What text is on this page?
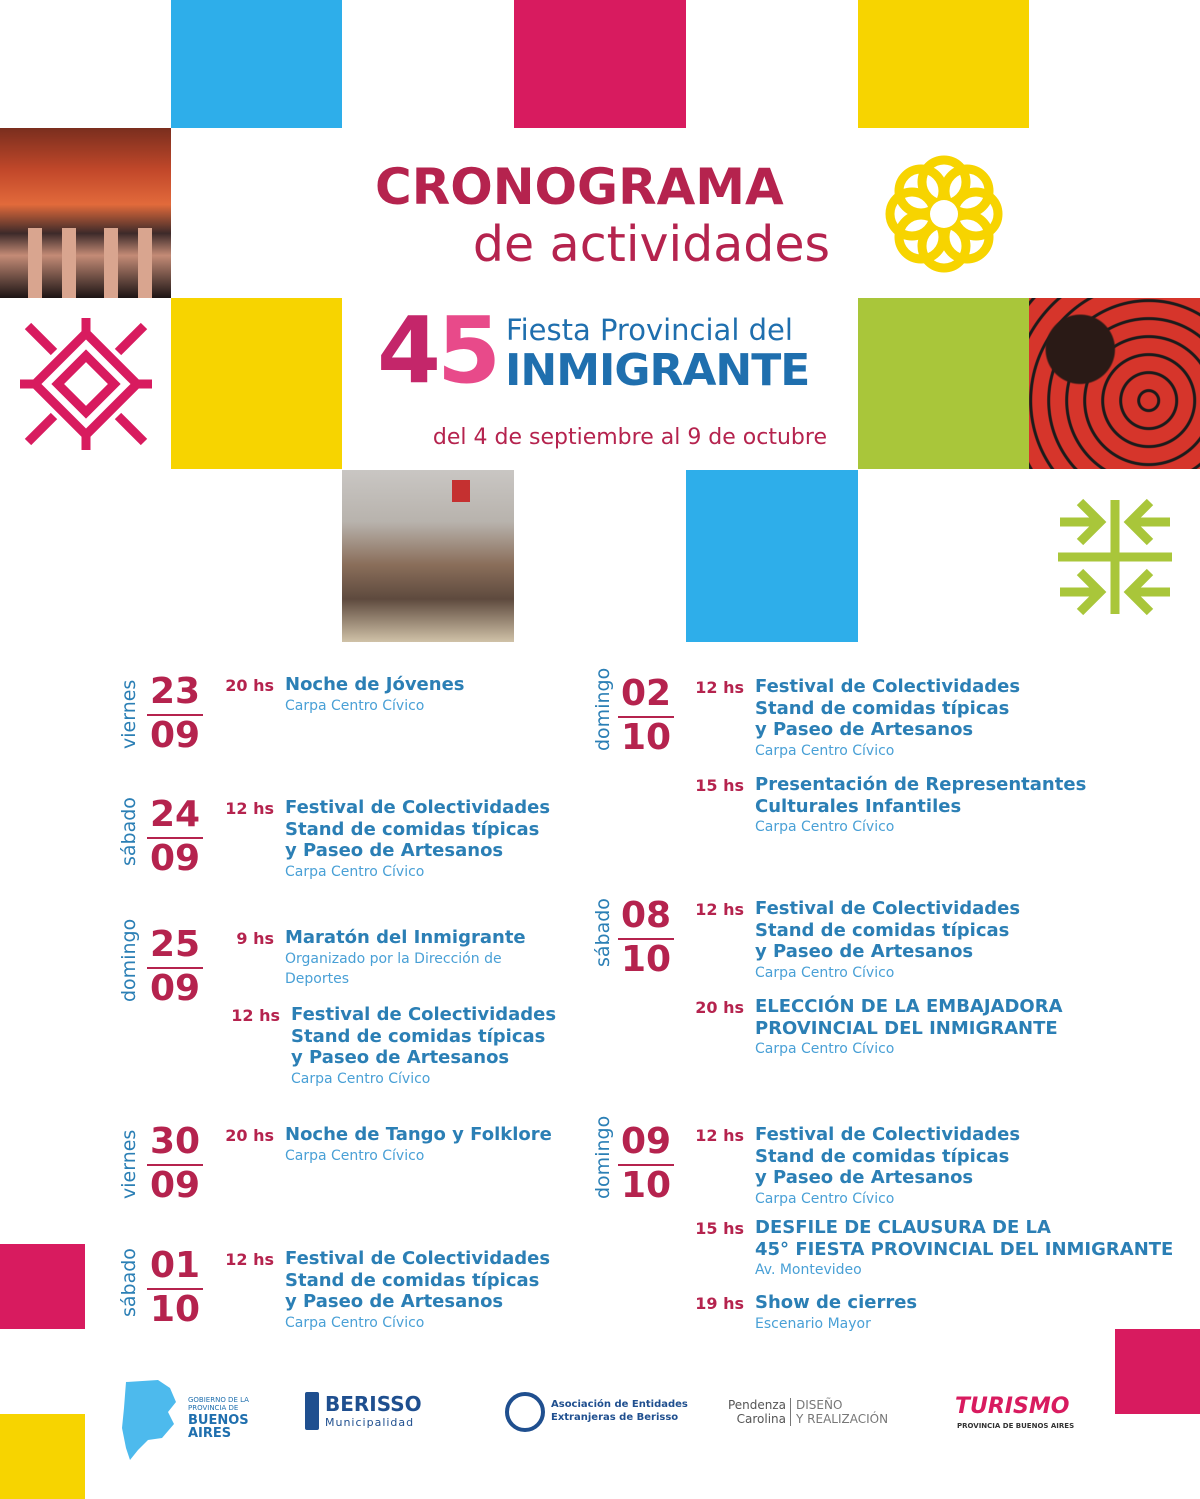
CRONOGRAMA
de actividades
45 Fiesta Provincial del
INMIGRANTE
del 4 de septiembre al 9 de octubre
viernes 23
09
20 hs Noche de Jóvenes
Carpa Centro Cívico
sábado 24
09
12 hs Festival de Colectividades
Stand de comidas típicas
y Paseo de Artesanos
Carpa Centro Cívico
domingo 25
09
9 hs Maratón del Inmigrante
Organizado por la Dirección de
Deportes
12 hs Festival de Colectividades
Stand de comidas típicas
y Paseo de Artesanos
Carpa Centro Cívico
viernes 30
09
20 hs Noche de Tango y Folklore
Carpa Centro Cívico
sábado 01
10
12 hs Festival de Colectividades
Stand de comidas típicas
y Paseo de Artesanos
Carpa Centro Cívico
domingo 02
10
12 hs Festival de Colectividades
Stand de comidas típicas
y Paseo de Artesanos
Carpa Centro Cívico
15 hs Presentación de Representantes
Culturales Infantiles
Carpa Centro Cívico
sábado 08
10
12 hs Festival de Colectividades
Stand de comidas típicas
y Paseo de Artesanos
Carpa Centro Cívico
20 hs ELECCIÓN DE LA EMBAJADORA
PROVINCIAL DEL INMIGRANTE
Carpa Centro Cívico
domingo 09
10
12 hs Festival de Colectividades
Stand de comidas típicas
y Paseo de Artesanos
Carpa Centro Cívico
15 hs DESFILE DE CLAUSURA DE LA
45° FIESTA PROVINCIAL DEL INMIGRANTE
Av. Montevideo
19 hs Show de cierres
Escenario Mayor
GOBIERNO DE LA
PROVINCIA DE
BUENOS
AIRES
BERISSO
Municipalidad
Asociación de Entidades
Extranjeras de Berisso
Pendenza
Carolina
DISEÑO
Y REALIZACIÓN	TURISMO
PROVINCIA DE BUENOS AIRES
